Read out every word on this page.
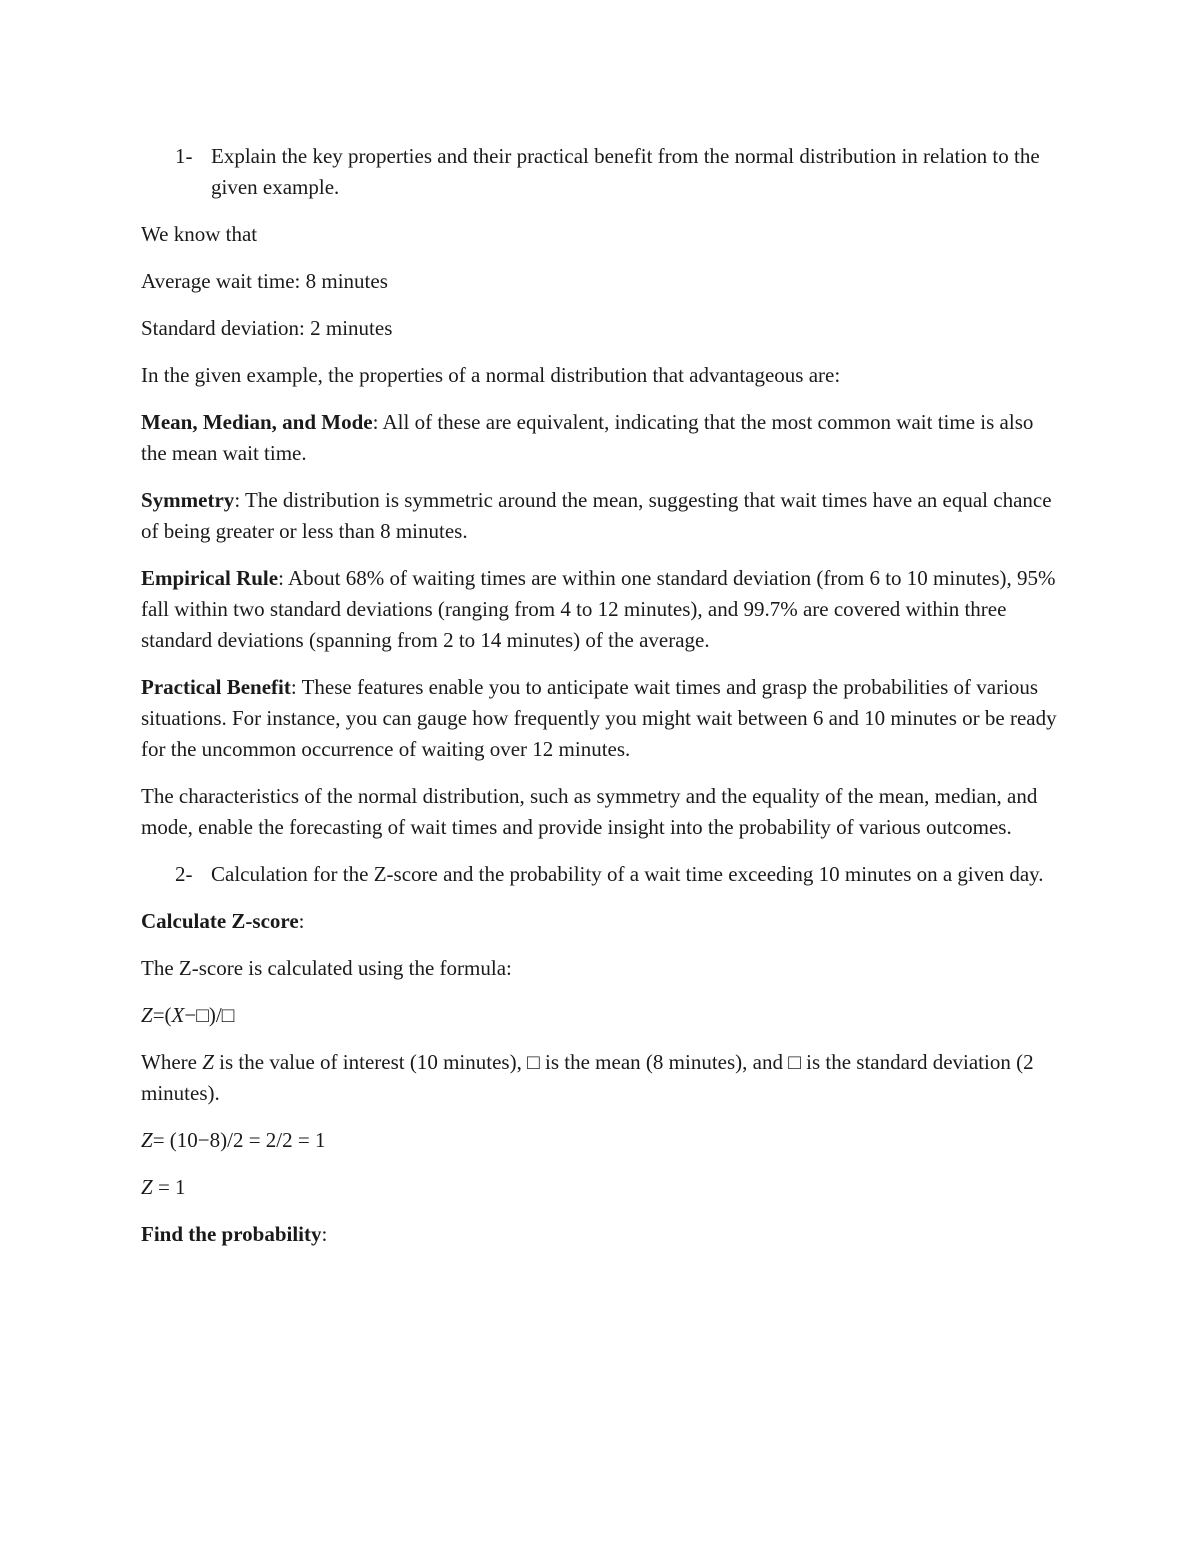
1- Explain the key properties and their practical benefit from the normal distribution in relation to the given example.

We know that

Average wait time: 8 minutes

Standard deviation: 2 minutes

In the given example, the properties of a normal distribution that advantageous are:

Mean, Median, and Mode: All of these are equivalent, indicating that the most common wait time is also the mean wait time.

Symmetry: The distribution is symmetric around the mean, suggesting that wait times have an equal chance of being greater or less than 8 minutes.

Empirical Rule: About 68% of waiting times are within one standard deviation (from 6 to 10 minutes), 95% fall within two standard deviations (ranging from 4 to 12 minutes), and 99.7% are covered within three standard deviations (spanning from 2 to 14 minutes) of the average.

Practical Benefit: These features enable you to anticipate wait times and grasp the probabilities of various situations. For instance, you can gauge how frequently you might wait between 6 and 10 minutes or be ready for the uncommon occurrence of waiting over 12 minutes.

The characteristics of the normal distribution, such as symmetry and the equality of the mean, median, and mode, enable the forecasting of wait times and provide insight into the probability of various outcomes.

2- Calculation for the Z-score and the probability of a wait time exceeding 10 minutes on a given day.

Calculate Z-score:

The Z-score is calculated using the formula:

Z=(X−□)/□

Where Z is the value of interest (10 minutes), □ is the mean (8 minutes), and □ is the standard deviation (2 minutes).

Z= (10−8)/2 = 2/2 = 1

Z = 1

Find the probability:
